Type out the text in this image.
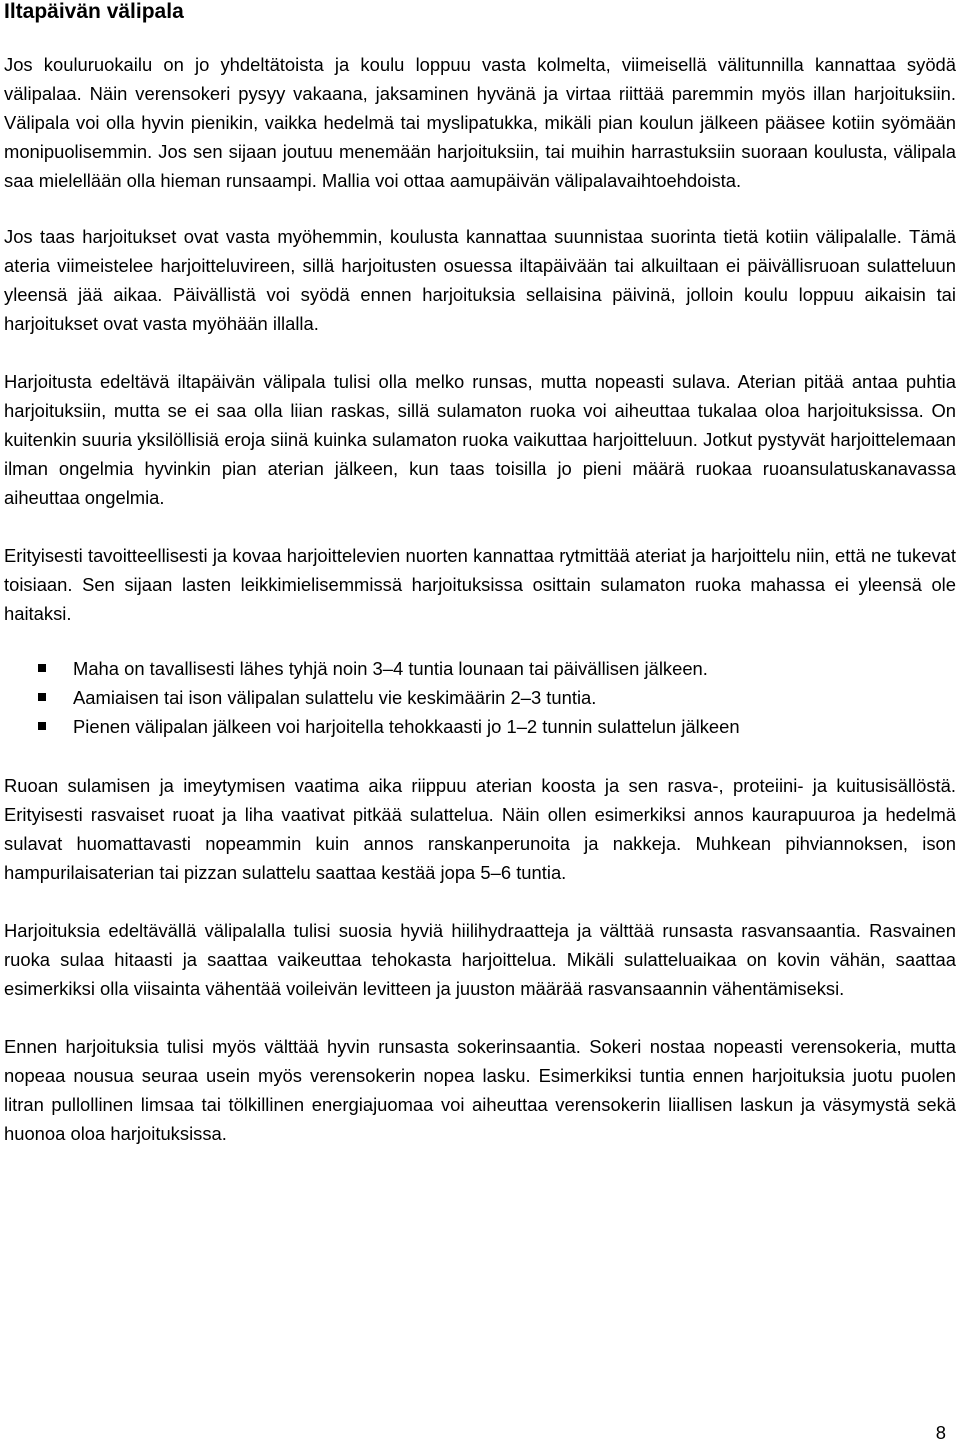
Iltapäivän välipala

Jos kouluruokailu on jo yhdeltätoista ja koulu loppuu vasta kolmelta, viimeisellä välitunnilla kannattaa syödä välipalaa. Näin verensokeri pysyy vakaana, jaksaminen hyvänä ja virtaa riittää paremmin myös illan harjoituksiin. Välipala voi olla hyvin pienikin, vaikka hedelmä tai myslipatukka, mikäli pian koulun jälkeen pääsee kotiin syömään monipuolisemmin. Jos sen sijaan joutuu menemään harjoituksiin, tai muihin harrastuksiin suoraan koulusta, välipala saa mielellään olla hieman runsaampi. Mallia voi ottaa aamupäivän välipalavaihtoehdoista.

Jos taas harjoitukset ovat vasta myöhemmin, koulusta kannattaa suunnistaa suorinta tietä kotiin välipalalle. Tämä ateria viimeistelee harjoitteluvireen, sillä harjoitusten osuessa iltapäivään tai alkuiltaan ei päivällisruoan sulatteluun yleensä jää aikaa. Päivällistä voi syödä ennen harjoituksia sellaisina päivinä, jolloin koulu loppuu aikaisin tai harjoitukset ovat vasta myöhään illalla.

Harjoitusta edeltävä iltapäivän välipala tulisi olla melko runsas, mutta nopeasti sulava. Aterian pitää antaa puhtia harjoituksiin, mutta se ei saa olla liian raskas, sillä sulamaton ruoka voi aiheuttaa tukalaa oloa harjoituksissa. On kuitenkin suuria yksilöllisiä eroja siinä kuinka sulamaton ruoka vaikuttaa harjoitteluun. Jotkut pystyvät harjoittelemaan ilman ongelmia hyvinkin pian aterian jälkeen, kun taas toisilla jo pieni määrä ruokaa ruoansulatuskanavassa aiheuttaa ongelmia.

Erityisesti tavoitteellisesti ja kovaa harjoittelevien nuorten kannattaa rytmittää ateriat ja harjoittelu niin, että ne tukevat toisiaan. Sen sijaan lasten leikkimielisemmissä harjoituksissa osittain sulamaton ruoka mahassa ei yleensä ole haitaksi.

Maha on tavallisesti lähes tyhjä noin 3–4 tuntia lounaan tai päivällisen jälkeen.
Aamiaisen tai ison välipalan sulattelu vie keskimäärin 2–3 tuntia.
Pienen välipalan jälkeen voi harjoitella tehokkaasti jo 1–2 tunnin sulattelun jälkeen

Ruoan sulamisen ja imeytymisen vaatima aika riippuu aterian koosta ja sen rasva-, proteiini- ja kuitusisällöstä. Erityisesti rasvaiset ruoat ja liha vaativat pitkää sulattelua. Näin ollen esimerkiksi annos kaurapuuroa ja hedelmä sulavat huomattavasti nopeammin kuin annos ranskanperunoita ja nakkeja. Muhkean pihviannoksen, ison hampurilaisaterian tai pizzan sulattelu saattaa kestää jopa 5–6 tuntia.

Harjoituksia edeltävällä välipalalla tulisi suosia hyviä hiilihydraatteja ja välttää runsasta rasvansaantia. Rasvainen ruoka sulaa hitaasti ja saattaa vaikeuttaa tehokasta harjoittelua. Mikäli sulatteluaikaa on kovin vähän, saattaa esimerkiksi olla viisainta vähentää voileivän levitteen ja juuston määrää rasvansaannin vähentämiseksi.

Ennen harjoituksia tulisi myös välttää hyvin runsasta sokerinsaantia. Sokeri nostaa nopeasti verensokeria, mutta nopeaa nousua seuraa usein myös verensokerin nopea lasku. Esimerkiksi tuntia ennen harjoituksia juotu puolen litran pullollinen limsaa tai tölkillinen energiajuomaa voi aiheuttaa verensokerin liiallisen laskun ja väsymystä sekä huonoa oloa harjoituksissa.

8
